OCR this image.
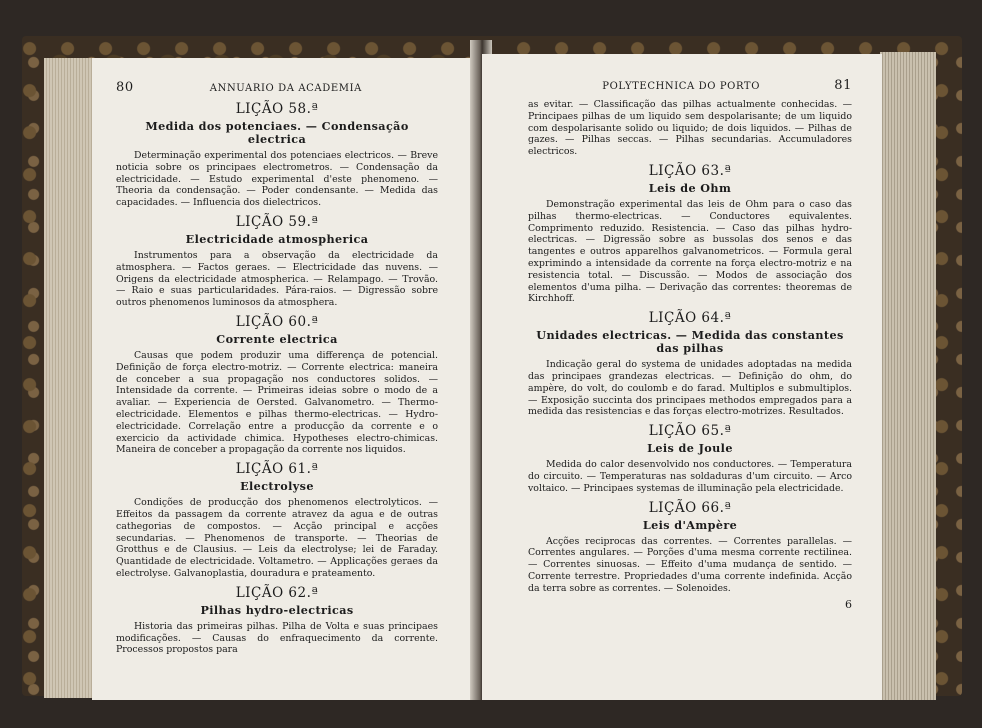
80	ANNUARIO DA ACADEMIA
LIÇÃO 58.ª
Medida dos potenciaes. — Condensação electrica

Determinação experimental dos potenciaes electricos. — Breve noticia sobre os principaes electrometros. — Condensação da electricidade. — Estudo experimental d'este phenomeno. — Theoria da condensação. — Poder condensante. — Medida das capacidades. — Influencia dos dielectricos.

LIÇÃO 59.ª
Electricidade atmospherica

Instrumentos para a observação da electricidade da atmosphera. — Factos geraes. — Electricidade das nuvens. — Origens da electricidade atmospherica. — Relampago. — Trovão. — Raio e suas particularidades. Pára-raios. — Digressão sobre outros phenomenos luminosos da atmosphera.

LIÇÃO 60.ª
Corrente electrica

Causas que podem produzir uma differença de potencial. Definição de força electro-motriz. — Corrente electrica: maneira de conceber a sua propagação nos conductores solidos. — Intensidade da corrente. — Primeiras ideias sobre o modo de a avaliar. — Experiencia de Oersted. Galvanometro. — Thermo-electricidade. Elementos e pilhas thermo-electricas. — Hydro-electricidade. Correlação entre a producção da corrente e o exercicio da actividade chimica. Hypotheses electro-chimicas. Maneira de conceber a propagação da corrente nos liquidos.

LIÇÃO 61.ª
Electrolyse

Condições de producção dos phenomenos electrolyticos. — Effeitos da passagem da corrente atravez da agua e de outras cathegorias de compostos. — Acção principal e acções secundarias. — Phenomenos de transporte. — Theorias de Grotthus e de Clausius. — Leis da electrolyse; lei de Faraday. Quantidade de electricidade. Voltametro. — Applicações geraes da electrolyse. Galvanoplastia, douradura e prateamento.

LIÇÃO 62.ª
Pilhas hydro-electricas

Historia das primeiras pilhas. Pilha de Volta e suas principaes modificações. — Causas do enfraquecimento da corrente. Processos propostos para

POLYTECHNICA DO PORTO	81

as evitar. — Classificação das pilhas actualmente conhecidas. — Principaes pilhas de um liquido sem despolarisante; de um liquido com despolarisante solido ou liquido; de dois liquidos. — Pilhas de gazes. — Pilhas seccas. — Pilhas secundarias. Accumuladores electricos.

LIÇÃO 63.ª
Leis de Ohm

Demonstração experimental das leis de Ohm para o caso das pilhas thermo-electricas. — Conductores equivalentes. Comprimento reduzido. Resistencia. — Caso das pilhas hydro-electricas. — Digressão sobre as bussolas dos senos e das tangentes e outros apparelhos galvanometricos. — Formula geral exprimindo a intensidade da corrente na força electro-motriz e na resistencia total. — Discussão. — Modos de associação dos elementos d'uma pilha. — Derivação das correntes: theoremas de Kirchhoff.

LIÇÃO 64.ª
Unidades electricas. — Medida das constantes das pilhas

Indicação geral do systema de unidades adoptadas na medida das principaes grandezas electricas. — Definição do ohm, do ampère, do volt, do coulomb e do farad. Multiplos e submultiplos. — Exposição succinta dos principaes methodos empregados para a medida das resistencias e das forças electro-motrizes. Resultados.

LIÇÃO 65.ª
Leis de Joule

Medida do calor desenvolvido nos conductores. — Temperatura do circuito. — Temperaturas nas soldaduras d'um circuito. — Arco voltaico. — Principaes systemas de illuminação pela electricidade.

LIÇÃO 66.ª
Leis d'Ampère

Acções reciprocas das correntes. — Correntes parallelas. — Correntes angulares. — Porções d'uma mesma corrente rectilinea. — Correntes sinuosas. — Effeito d'uma mudança de sentido. — Corrente terrestre. Propriedades d'uma corrente indefinida. Acção da terra sobre as correntes. — Solenoides.

6
